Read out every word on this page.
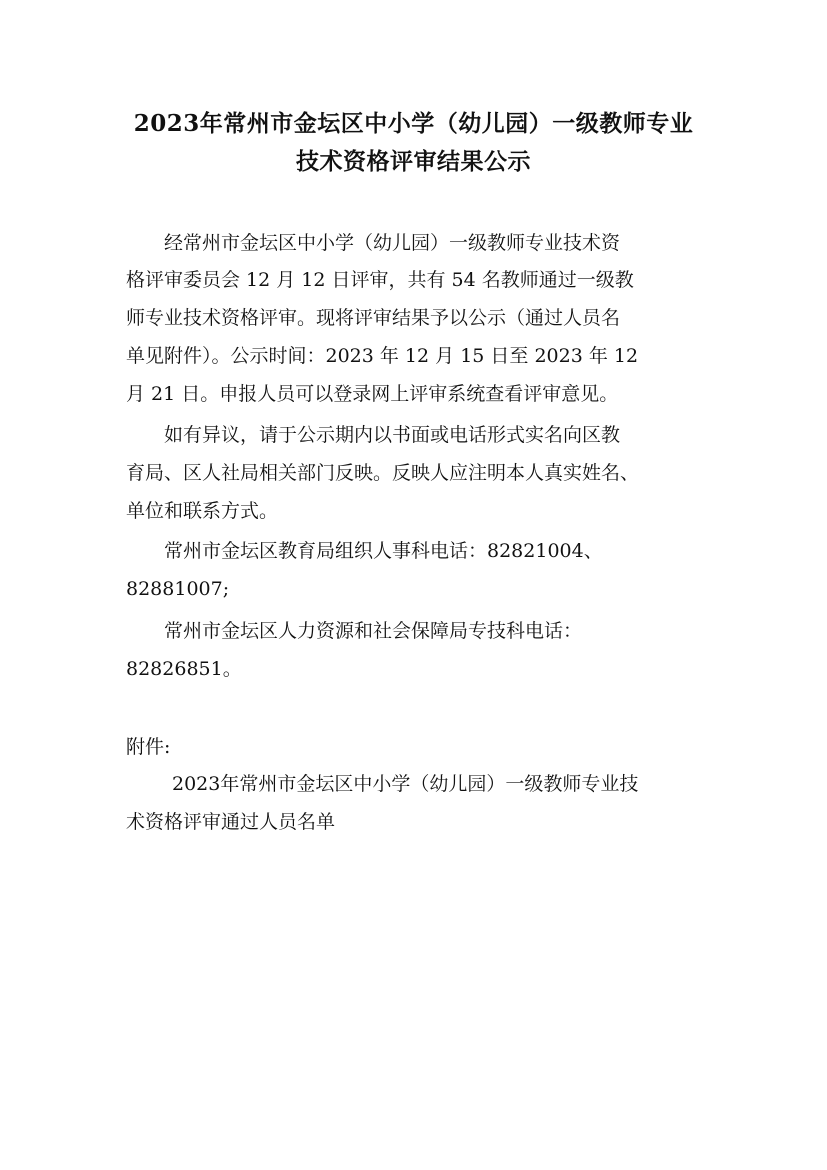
2023年常州市金坛区中小学（幼儿园）一级教师专业
技术资格评审结果公示
经常州市金坛区中小学（幼儿园）一级教师专业技术资
格评审委员会 12 月 12 日评审，共有 54 名教师通过一级教
师专业技术资格评审。现将评审结果予以公示（通过人员名
单见附件）。公示时间：2023 年 12 月 15 日至 2023 年 12
月 21 日。申报人员可以登录网上评审系统查看评审意见。
如有异议，请于公示期内以书面或电话形式实名向区教
育局、区人社局相关部门反映。反映人应注明本人真实姓名、
单位和联系方式。
常州市金坛区教育局组织人事科电话：82821004、
82881007;
常州市金坛区人力资源和社会保障局专技科电话：
82826851。
附件:
2023年常州市金坛区中小学（幼儿园）一级教师专业技
术资格评审通过人员名单
